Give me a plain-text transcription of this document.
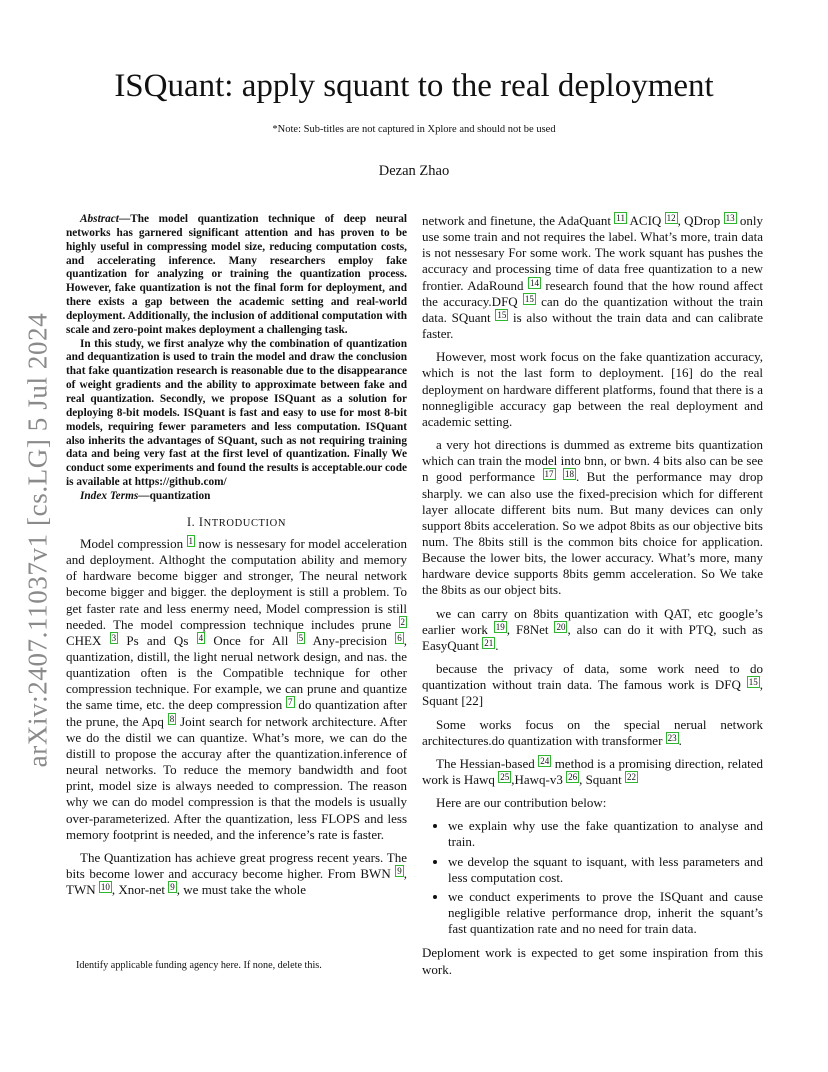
arXiv:2407.11037v1 [cs.LG] 5 Jul 2024
ISQuant: apply squant to the real deployment
*Note: Sub-titles are not captured in Xplore and should not be used
Dezan Zhao

Abstract—The model quantization technique of deep neural networks has garnered significant attention and has proven to be highly useful in compressing model size, reducing computation costs, and accelerating inference. Many researchers employ fake quantization for analyzing or training the quantization process. However, fake quantization is not the final form for deployment, and there exists a gap between the academic setting and real-world deployment. Additionally, the inclusion of additional computation with scale and zero-point makes deployment a challenging task.

In this study, we first analyze why the combination of quantization and dequantization is used to train the model and draw the conclusion that fake quantization research is reasonable due to the disappearance of weight gradients and the ability to approximate between fake and real quantization. Secondly, we propose ISQuant as a solution for deploying 8-bit models. ISQuant is fast and easy to use for most 8-bit models, requiring fewer parameters and less computation. ISQuant also inherits the advantages of SQuant, such as not requiring training data and being very fast at the first level of quantization. Finally We conduct some experiments and found the results is acceptable.our code is available at https://github.com/

Index Terms—quantization
I. INTRODUCTION

Model compression $^1$ now is nessesary for model acceleration and deployment. Althoght the computation ability and memory of hardware become bigger and stronger, The neural network become bigger and bigger. the deployment is still a problem. To get faster rate and less enermy need, Model compression is still needed. The model compression technique includes prune $^2$ CHEX $^3$ Ps and Qs $^4$ Once for All $^5$ Any-precision $^6$ , quantization, distill, the light nerual network design, and nas. the quantization often is the Compatible technique for other compression technique. For example, we can prune and quantize the same time, etc. the deep compression $^7$ do quantization after the prune, the Apq $^8$ Joint search for network architecture. After we do the distil we can quantize. What’s more, we can do the distill to propose the accuray after the quantization.inference of neural networks. To reduce the memory bandwidth and foot print, model size is always needed to compression. The reason why we can do model compression is that the models is usually over-parameterized. After the quantization, less FLOPS and less memory footprint is needed, and the inference’s rate is faster.

The Quantization has achieve great progress recent years. The bits become lower and accuracy become higher. From BWN $^9$ , TWN $^{10}$ , Xnor-net $^9$ , we must take the whole

network and finetune, the AdaQuant $^{11}$ ACIQ $^{12}$ , QDrop $^{13}$ only use some train and not requires the label. What’s more, train data is not nessesary For some work. The work squant has pushes the accuracy and processing time of data free quantization to a new frontier. AdaRound $^{14}$ research found that the how round affect the accuracy.DFQ $^{15}$ can do the quantization without the train data. SQuant $^{15}$ is also without the train data and can calibrate faster.

However, most work focus on the fake quantization accuracy, which is not the last form to deployment. [16] do the real deployment on hardware different platforms, found that there is a nonnegligible accuracy gap between the real deployment and academic setting.

a very hot directions is dummed as extreme bits quantization which can train the model into bnn, or bwn. 4 bits also can be see n good performance $^{17}$ $^{18}$ . But the performance may drop sharply. we can also use the fixed-precision which for different layer allocate different bits num. But many devices can only support 8bits acceleration. So we adpot 8bits as our objective bits num. The 8bits still is the common bits choice for application. Because the lower bits, the lower accuracy. What’s more, many hardware device supports 8bits gemm acceleration. So We take the 8bits as our object bits.

we can carry on 8bits quantization with QAT, etc google’s earlier work $^{19}$ , F8Net $^{20}$ , also can do it with PTQ, such as EasyQuant $^{21}$ .

because the privacy of data, some work need to do quantization without train data. The famous work is DFQ $^{15}$ , Squant [22]

Some works focus on the special nerual network architectures.do quantization with transformer $^{23}$ .

The Hessian-based $^{24}$ method is a promising direction, related work is Hawq $^{25}$ ,Hawq-v3 $^{26}$ , Squant $^{22}$

Here are our contribution below:

• we explain why use the fake quantization to analyse and train.
• we develop the squant to isquant, with less parameters and less computation cost.
• we conduct experiments to prove the ISQuant and cause negligible relative performance drop, inherit the squant’s fast quantization rate and no need for train data.

Deploment work is expected to get some inspiration from this work.

Identify applicable funding agency here. If none, delete this.
